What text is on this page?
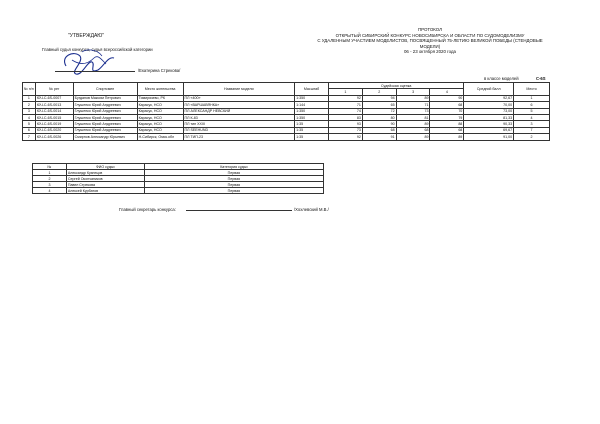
"УТВЕРЖДАЮ"
Главный судья конкурса, судья всероссийской категории
/Екатерина Стрекова/
ПРОТОКОЛ
ОТКРЫТЫЙ СИБИРСКИЙ КОНКУРС НОВОСИБИРСКА И ОБЛАСТИ ПО СУДОМОДЕЛИЗМУ
С УДАЛЕННЫМ УЧАСТИЕМ МОДЕЛИСТОВ, ПОСВЯЩЕННЫЙ 75-ЛЕТИЮ ВЕЛИКОЙ ПОБЕДЫ (СТЕНДОВЫЕ
МОДЕЛИ)
06 - 23 октября 2020 года
в классе моделей	С-6S
№ п/п	№ рег	Спортсмен	Место жительства	Название модели	Масштаб	Судейская оценка				Средний балл	Место
						1	2	3	4		
1	ЮЧ-С-6S-0007	Бугданов Максим Петрович	Тимирязево, РК	ПЛ «400»	1:350	92	94	89	90	92,67	1
2	ЮЧ-С-6S-0013	Глушенко Юрий Андреевич	Карасук, НСО	ПЛ «ВАРШАВЯНКА»	1:144	71	65	71	68	70,00	6
3	ЮЧ-С-6S-0014	Глушенко Юрий Андреевич	Карасук, НСО	ПЛ АЛЕКСАНДР НЕВСКИЙ	1:350	74	72	73	70	73,00	5
4	ЮЧ-С-6S-0015	Глушенко Юрий Андреевич	Карасук, НСО	ПЛ К-83	1:350	83	80	81	79	81,33	4
5	ЮЧ-С-6S-0019	Глушенко Юрий Андреевич	Карасук, НСО	ПЛ тип XXIII	1:35	93	90	89	88	90,33	3
6	ЮЧ-С-6S-0020	Глушенко Юрий Андреевич	Карасук, НСО	ПЛ SEEHUND	1:35	73	68	68	68	69,67	7
7	ЮЧ-С-6S-0026	Смирнов Александр Юрьевич	Н-Сибирск, Омск.обл	ПЛ ТИП-23	1:35	92	91	89	89	91,00	2
№	ФИО судьи	Категория судьи
1	Александр Кузнецов	Первая
2	Сергей Окончаников	Первая
3	Павел Стрекова	Первая
4	Алексей Курбатов	Первая
Главный секретарь конкурса:	/Хохлевский М.В./
